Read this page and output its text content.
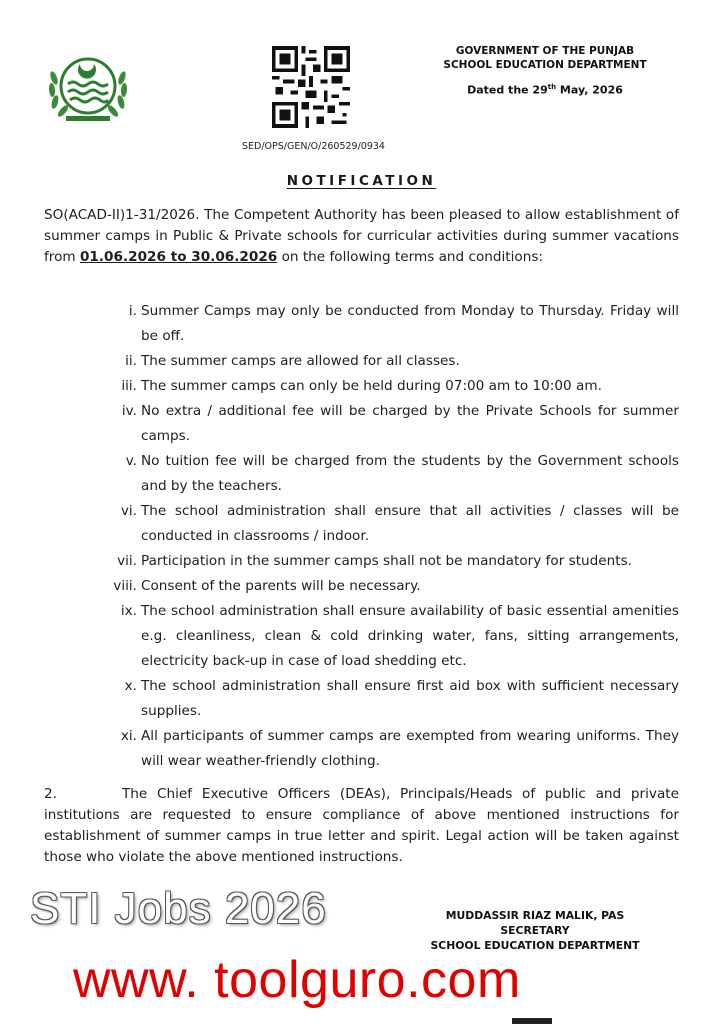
GOVERNMENT OF THE PUNJAB
SCHOOL EDUCATION DEPARTMENT
Dated the 29th May, 2026
SED/OPS/GEN/O/260529/0934
NOTIFICATION
SO(ACAD-II)1-31/2026. The Competent Authority has been pleased to allow establishment of summer camps in Public & Private schools for curricular activities during summer vacations from 01.06.2026 to 30.06.2026 on the following terms and conditions:
i. Summer Camps may only be conducted from Monday to Thursday. Friday will be off.
ii. The summer camps are allowed for all classes.
iii. The summer camps can only be held during 07:00 am to 10:00 am.
iv. No extra / additional fee will be charged by the Private Schools for summer camps.
v. No tuition fee will be charged from the students by the Government schools and by the teachers.
vi. The school administration shall ensure that all activities / classes will be conducted in classrooms / indoor.
vii. Participation in the summer camps shall not be mandatory for students.
viii. Consent of the parents will be necessary.
ix. The school administration shall ensure availability of basic essential amenities e.g. cleanliness, clean & cold drinking water, fans, sitting arrangements, electricity back-up in case of load shedding etc.
x. The school administration shall ensure first aid box with sufficient necessary supplies.
xi. All participants of summer camps are exempted from wearing uniforms. They will wear weather-friendly clothing.
2.	The Chief Executive Officers (DEAs), Principals/Heads of public and private institutions are requested to ensure compliance of above mentioned instructions for establishment of summer camps in true letter and spirit. Legal action will be taken against those who violate the above mentioned instructions.
STI Jobs 2026	MUDDASSIR RIAZ MALIK, PAS
SECRETARY
SCHOOL EDUCATION DEPARTMENT
www. toolguro.com
